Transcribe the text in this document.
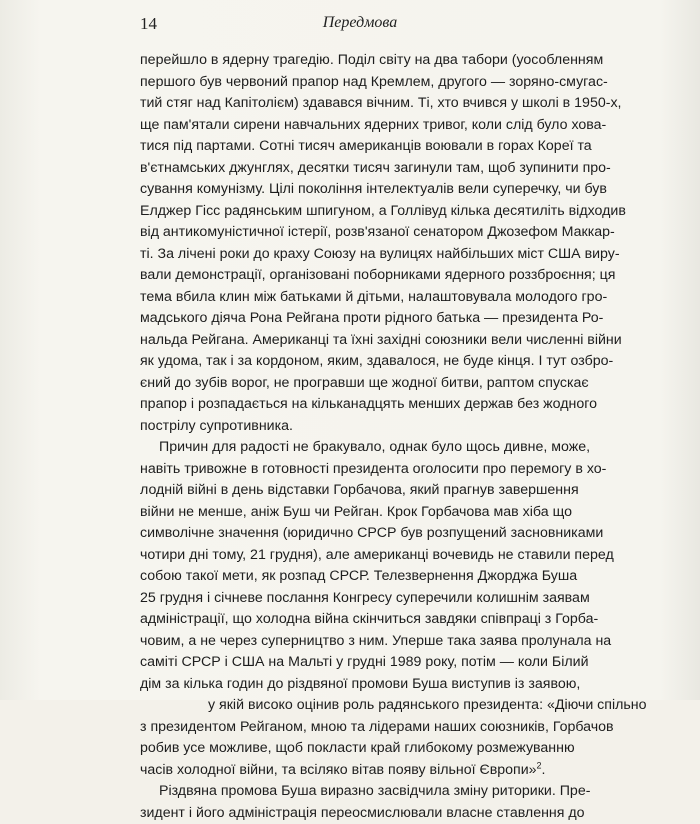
14	Передмова
перейшло в ядерну трагедію. Поділ світу на два табори (уособленням
першого був червоний прапор над Кремлем, другого — зоряно-смугас-
тий стяг над Капітолієм) здавався вічним. Ті, хто вчився у школі в 1950-х,
ще пам'ятали сирени навчальних ядерних тривог, коли слід було хова-
тися під партами. Сотні тисяч американців воювали в горах Кореї та
в'єтнамських джунглях, десятки тисяч загинули там, щоб зупинити про-
сування комунізму. Цілі покоління інтелектуалів вели суперечку, чи був
Елджер Гісс радянським шпигуном, а Голлівуд кілька десятиліть відходив
від антикомуністичної істерії, розв'язаної сенатором Джозефом Маккар-
ті. За лічені роки до краху Союзу на вулицях найбільших міст США виру-
вали демонстрації, організовані поборниками ядерного роззброєння; ця
тема вбила клин між батьками й дітьми, налаштовувала молодого гро-
мадського діяча Рона Рейгана проти рідного батька — президента Ро-
нальда Рейгана. Американці та їхні західні союзники вели численні війни
як удома, так і за кордоном, яким, здавалося, не буде кінця. І тут озбро-
єний до зубів ворог, не програвши ще жодної битви, раптом спускає
прапор і розпадається на кільканадцять менших держав без жодного
пострілу супротивника.
Причин для радості не бракувало, однак було щось дивне, може,
навіть тривожне в готовності президента оголосити про перемогу в хо-
лодній війні в день відставки Горбачова, який прагнув завершення
війни не менше, аніж Буш чи Рейган. Крок Горбачова мав хіба що
символічне значення (юридично СРСР був розпущений засновниками
чотири дні тому, 21 грудня), але американці вочевидь не ставили перед
собою такої мети, як розпад СРСР. Телезвернення Джорджа Буша
25 грудня і січневе послання Конгресу суперечили колишнім заявам
адміністрації, що холодна війна скінчиться завдяки співпраці з Горба-
човим, а не через суперництво з ним. Уперше така заява пролунала на
саміті СРСР і США на Мальті у грудні 1989 року, потім — коли Білий
дім за кілька годин до різдвяної промови Буша виступив із заявою,
у якій високо оцінив роль радянського президента: «Діючи спільно
з президентом Рейганом, мною та лідерами наших союзників, Горбачов
робив усе можливе, щоб покласти край глибокому розмежуванню
часів холодної війни, та всіляко вітав появу вільної Європи»$^2$.
Різдвяна промова Буша виразно засвідчила зміну риторики. Пре-
зидент і його адміністрація переосмислювали власне ставлення до
